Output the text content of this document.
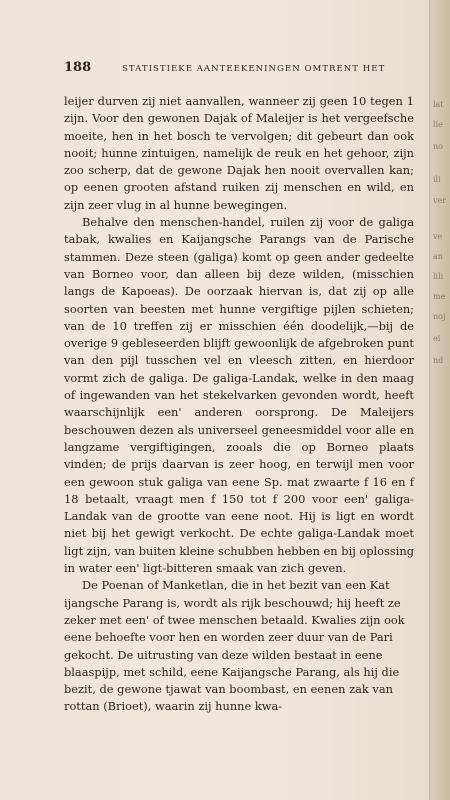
188	STATISTIEKE AANTEEKENINGEN OMTRENT HET

leijer durven zij niet aanvallen, wanneer zij geen 10 tegen 1 zijn. Voor den gewonen Dajak of Maleijer is het vergeefsche moeite, hen in het bosch te vervolgen; dit gebeurt dan ook nooit; hunne zintuigen, namelijk de reuk en het gehoor, zijn zoo scherp, dat de gewone Dajak hen nooit overvallen kan; op eenen grooten afstand ruiken zij menschen en wild, en zijn zeer vlug in al hunne bewegingen.

Behalve den menschen-handel, ruilen zij voor de galiga tabak, kwalies en Kaijangsche Parangs van de Parische stammen. Deze steen (galiga) komt op geen ander gedeelte van Borneo voor, dan alleen bij deze wilden, (misschien langs de Kapoeas). De oorzaak hiervan is, dat zij op alle soorten van beesten met hunne vergiftige pijlen schieten; van de 10 treffen zij er misschien één doodelijk,—bij de overige 9 gebleseerden blijft gewoonlijk de afgebroken punt van den pijl tusschen vel en vleesch zitten, en hierdoor vormt zich de galiga. De galiga-Landak, welke in den maag of ingewanden van het stekelvarken gevonden wordt, heeft waarschijnlijk een' anderen oorsprong. De Maleijers beschouwen dezen als universeel geneesmiddel voor alle en langzame vergiftigingen, zooals die op Borneo plaats vinden; de prijs daarvan is zeer hoog, en terwijl men voor een gewoon stuk galiga van eene Sp. mat zwaarte f 16 en f 18 betaalt, vraagt men f 150 tot f 200 voor een' galiga-Landak van de grootte van eene noot. Hij is ligt en wordt niet bij het gewigt verkocht. De echte galiga-Landak moet ligt zijn, van buiten kleine schubben hebben en bij oplossing in water een' ligt-bitteren smaak van zich geven.

De Poenan of Manketlan, die in het bezit van een Kat ijangsche Parang is, wordt als rijk beschouwd; hij heeft ze zeker met een' of twee menschen betaald. Kwalies zijn ook eene behoefte voor hen en worden zeer duur van de Pari gekocht. De uitrusting van deze wilden bestaat in eene blaaspijp, met schild, eene Kaijangsche Parang, als hij die bezit, de gewone tjawat van boombast, en eenen zak van rottan (Brioet), waarin zij hunne kwa-

lat
lie
no
ili
ver
ve
an
lili
me
noj
ei
nd
